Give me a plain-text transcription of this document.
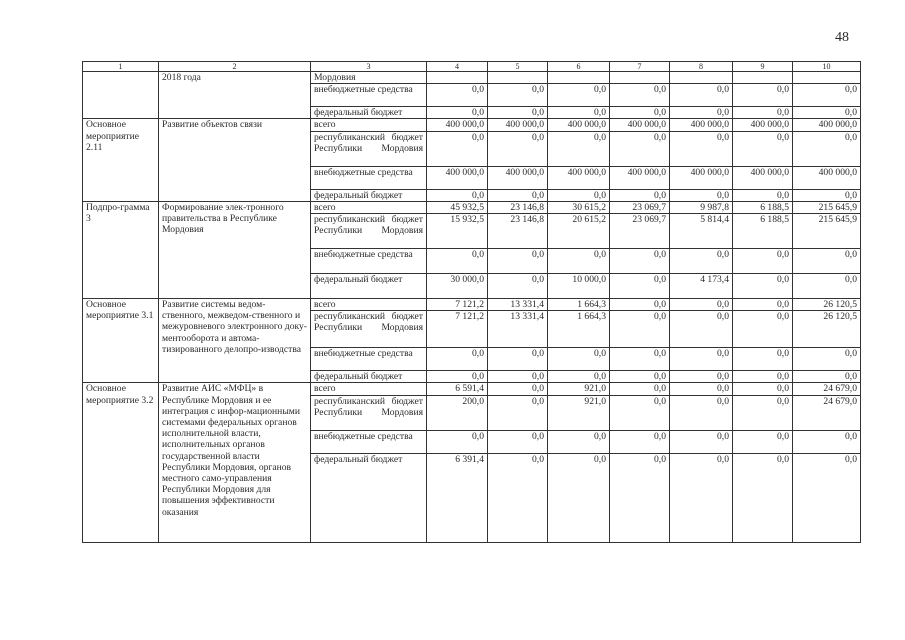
48
1	2	3	4	5	6	7	8	9	10
	2018 года	Мордовия							
		внебюджетные средства	0,0	0,0	0,0	0,0	0,0	0,0	0,0
		федеральный бюджет	0,0	0,0	0,0	0,0	0,0	0,0	0,0
Основное мероприятие 2.11	Развитие объектов связи	всего	400 000,0	400 000,0	400 000,0	400 000,0	400 000,0	400 000,0	400 000,0
		республиканский бюджет Республики Мордовия	0,0	0,0	0,0	0,0	0,0	0,0	0,0
		внебюджетные средства	400 000,0	400 000,0	400 000,0	400 000,0	400 000,0	400 000,0	400 000,0
		федеральный бюджет	0,0	0,0	0,0	0,0	0,0	0,0	0,0
Подпро-грамма 3	Формирование элек-тронного правительства в Республике Мордовия	всего	45 932,5	23 146,8	30 615,2	23 069,7	9 987,8	6 188,5	215 645,9
		республиканский бюджет Республики Мордовия	15 932,5	23 146,8	20 615,2	23 069,7	5 814,4	6 188,5	215 645,9
		внебюджетные средства	0,0	0,0	0,0	0,0	0,0	0,0	0,0
		федеральный бюджет	30 000,0	0,0	10 000,0	0,0	4 173,4	0,0	0,0
Основное мероприятие 3.1	Развитие системы ведом-ственного, межведом-ственного и межуровневого электронного доку-ментооборота и автома-тизированного делопро-изводства	всего	7 121,2	13 331,4	1 664,3	0,0	0,0	0,0	26 120,5
		республиканский бюджет Республики Мордовия	7 121,2	13 331,4	1 664,3	0,0	0,0	0,0	26 120,5
		внебюджетные средства	0,0	0,0	0,0	0,0	0,0	0,0	0,0
		федеральный бюджет	0,0	0,0	0,0	0,0	0,0	0,0	0,0
Основное мероприятие 3.2	Развитие АИС «МФЦ» в Республике Мордовия и ее интеграция с инфор-мационными системами федеральных органов исполнительной власти, исполнительных органов государственной власти Республики Мордовия, органов местного само-управления Республики Мордовия для повышения эффективности оказания	всего	6 591,4	0,0	921,0	0,0	0,0	0,0	24 679,0
		республиканский бюджет Республики Мордовия	200,0	0,0	921,0	0,0	0,0	0,0	24 679,0
		внебюджетные средства	0,0	0,0	0,0	0,0	0,0	0,0	0,0
		федеральный бюджет	6 391,4	0,0	0,0	0,0	0,0	0,0	0,0
